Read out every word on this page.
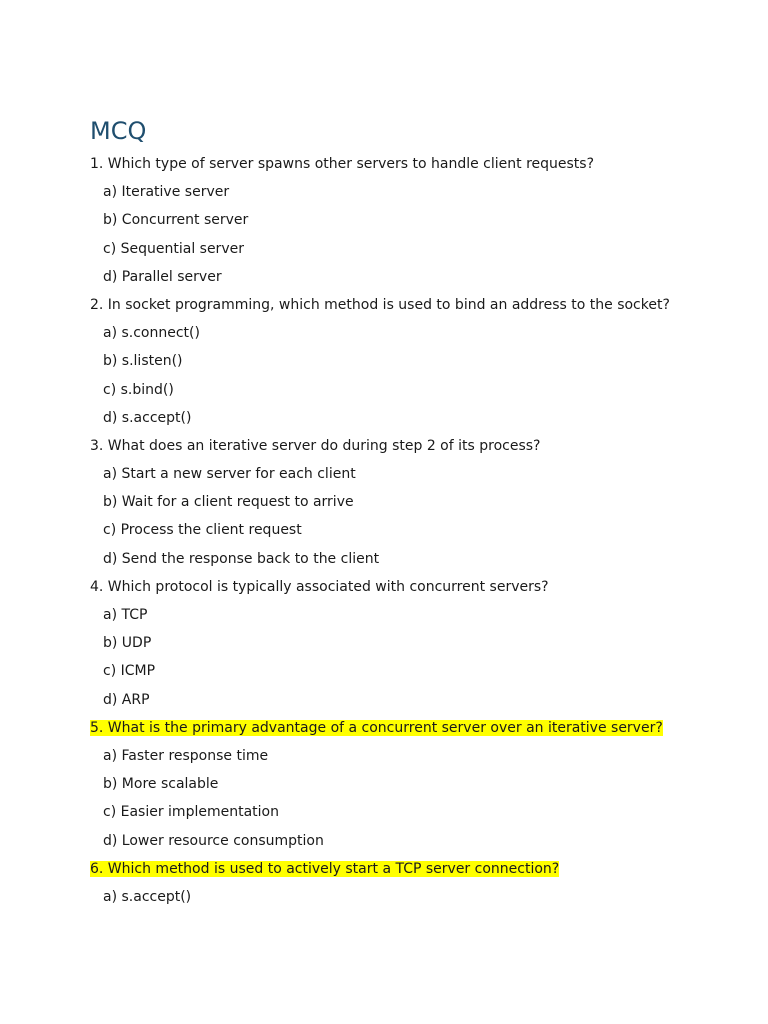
MCQ
1. Which type of server spawns other servers to handle client requests?
a) Iterative server
b) Concurrent server
c) Sequential server
d) Parallel server
2. In socket programming, which method is used to bind an address to the socket?
a) s.connect()
b) s.listen()
c) s.bind()
d) s.accept()
3. What does an iterative server do during step 2 of its process?
a) Start a new server for each client
b) Wait for a client request to arrive
c) Process the client request
d) Send the response back to the client
4. Which protocol is typically associated with concurrent servers?
a) TCP
b) UDP
c) ICMP
d) ARP
5. What is the primary advantage of a concurrent server over an iterative server?
a) Faster response time
b) More scalable
c) Easier implementation
d) Lower resource consumption
6. Which method is used to actively start a TCP server connection?
a) s.accept()
